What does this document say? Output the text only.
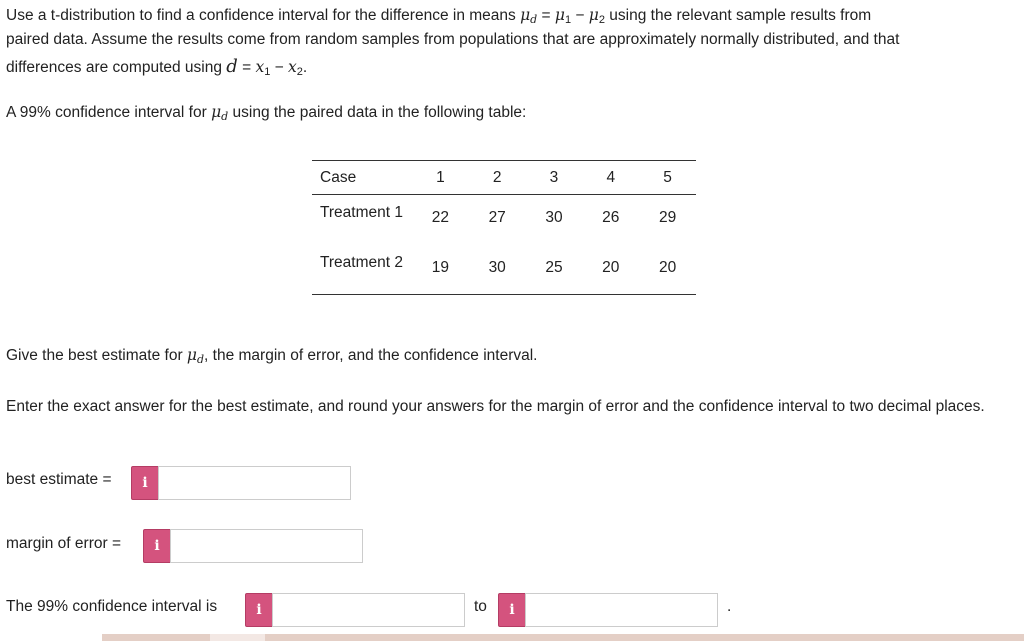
Use a t-distribution to find a confidence interval for the difference in means $\mu_d = \mu_1 - \mu_2$ using the relevant sample results from
paired data. Assume the results come from random samples from populations that are approximately normally distributed, and that
differences are computed using $d = x_1 - x_2$.
A 99% confidence interval for $\mu_d$ using the paired data in the following table:
Case	1	2	3	4	5
Treatment 1	22	27	30	26	29
Treatment 2	19	30	25	20	20
Give the best estimate for $\mu_d$, the margin of error, and the confidence interval.
Enter the exact answer for the best estimate, and round your answers for the margin of error and the confidence interval to two decimal places.
best estimate =	i
margin of error =	i
The 99% confidence interval is	i	to	i	.
